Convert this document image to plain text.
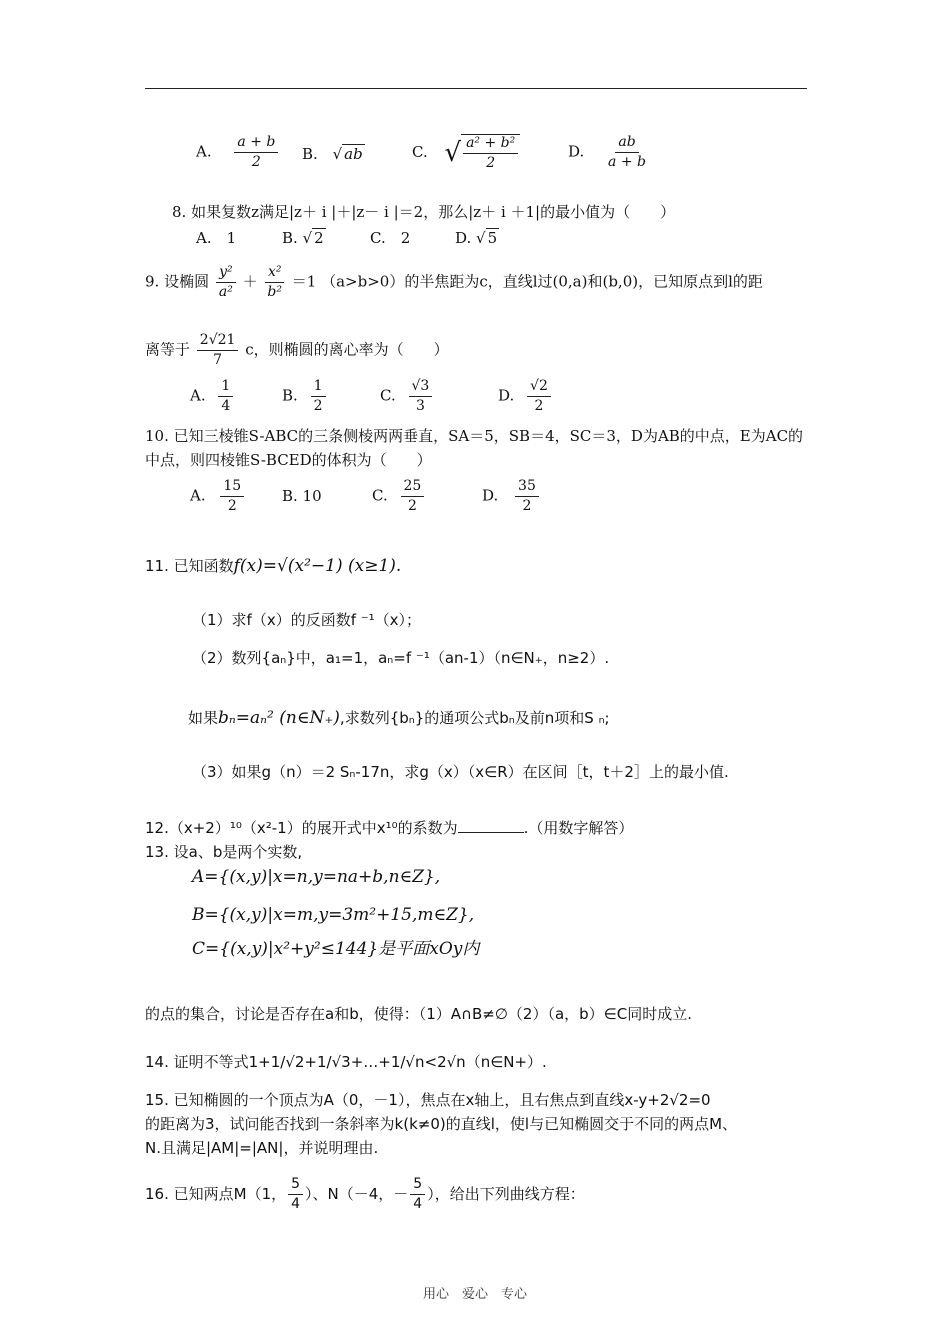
A. $\frac{a + b}{2} B$. √ ab	C. √ $\frac{\text{a² + b²}}{2}$	D. $\frac{ab}{a + b}$
8. 如果复数z满足|z＋ i |＋|z－ i |＝2，那么|z＋ i ＋1|的最小值为（　　）
A.　1	B. √ 2	C.　2	D. √ 5
9. 设椭圆 $\frac{\text{y²}}{\text{a²}} + \frac{\text{x²}}{\text{b²}} =1$ （a>b>0）的半焦距为c，直线l过(0,a)和(b,0)，已知原点到l的距
离等于 $\frac{2√21}{7}$ c，则椭圆的离心率为（　　）
A. $\frac{1}{4}$	B. $\frac{1}{2}$	C. $\frac{√3}{3}$	D. $\frac{√2}{2}$
10. 已知三棱锥S-ABC的三条侧棱两两垂直，SA＝5，SB＝4，SC＝3，D为AB的中点，E为AC的
中点，则四棱锥S-BCED的体积为（　　）
A. $\frac{15}{2}$	B. 10	C. $\frac{25}{2}$	D. $\frac{35}{2}$
11. 已知函数f(x)=√(x²−1) (x≥1).
（1）求f（x）的反函数f ⁻¹（x）；
（2）数列{aₙ}中，a₁=1，aₙ=f ⁻¹（an-1）（n∈N₊，n≥2）.
如果bₙ=aₙ² (n∈N₊),求数列{bₙ}的通项公式bₙ及前n项和S ₙ;
（3）如果g（n）＝2 Sₙ-17n，求g（x）（x∈R）在区间［t，t＋2］上的最小值.
12.（x+2）¹⁰（x²-1）的展开式中x¹⁰的系数为	.（用数字解答）
13. 设a、b是两个实数,
A={(x,y)|x=n,y=na+b,n∈Z},
B={(x,y)|x=m,y=3m²+15,m∈Z},
C={(x,y)|x²+y²≤144}是平面xOy内
的点的集合，讨论是否存在a和b，使得：（1）A∩B≠∅（2）（a，b）∈C同时成立.
14. 证明不等式1+1/√2+1/√3+…+1/√n<2√n（n∈N+）.
15. 已知椭圆的一个顶点为A（0，－1），焦点在x轴上，且右焦点到直线x-y+2√2=0
的距离为3，试问能否找到一条斜率为k(k≠0)的直线l，使l与已知椭圆交于不同的两点M、
N.且满足|AM|=|AN|，并说明理由.
16. 已知两点M（1， $\frac{5}{4}$ ）、N（－4，－ $\frac{5}{4}$ ），给出下列曲线方程：
用心　爱心　专心
